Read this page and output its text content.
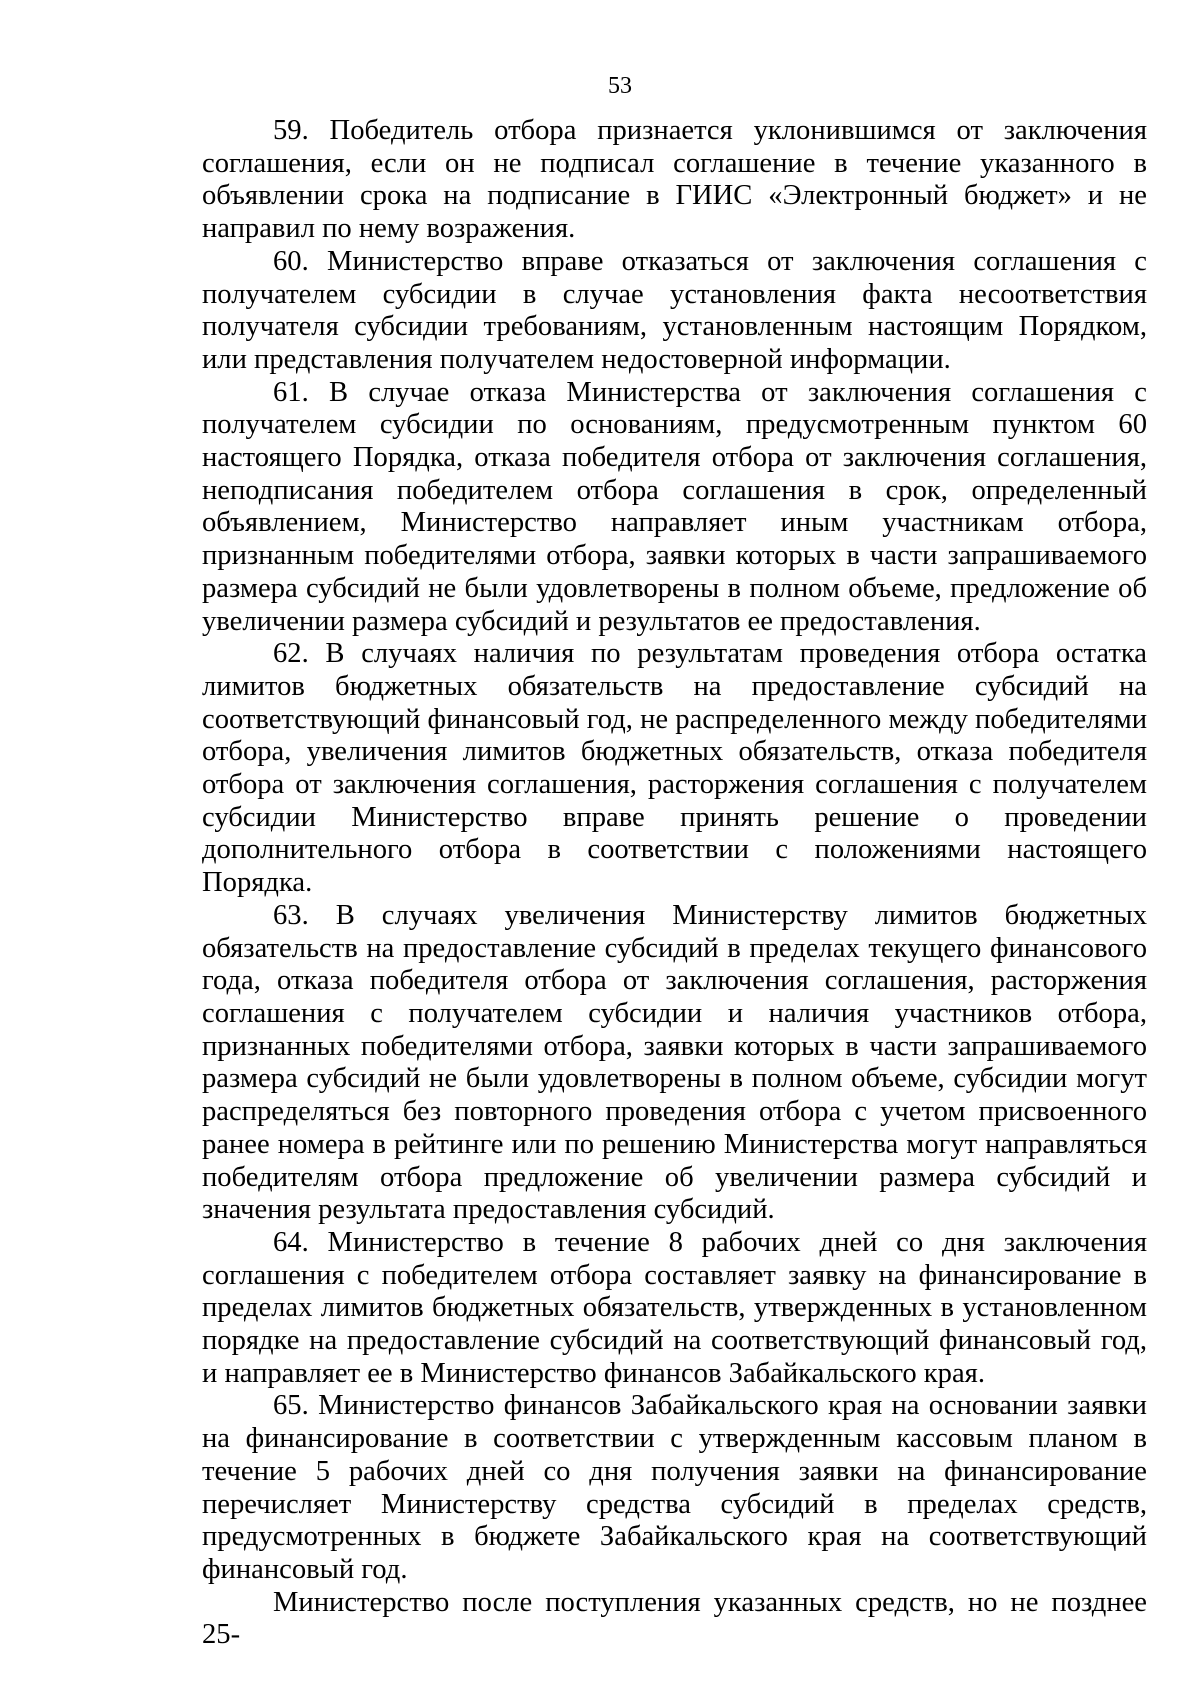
53

59. Победитель отбора признается уклонившимся от заключения соглашения, если он не подписал соглашение в течение указанного в объявлении срока на подписание в ГИИС «Электронный бюджет» и не направил по нему возражения.

60. Министерство вправе отказаться от заключения соглашения с получателем субсидии в случае установления факта несоответствия получателя субсидии требованиям, установленным настоящим Порядком, или представления получателем недостоверной информации.

61. В случае отказа Министерства от заключения соглашения с получателем субсидии по основаниям, предусмотренным пунктом 60 настоящего Порядка, отказа победителя отбора от заключения соглашения, неподписания победителем отбора соглашения в срок, определенный объявлением, Министерство направляет иным участникам отбора, признанным победителями отбора, заявки которых в части запрашиваемого размера субсидий не были удовлетворены в полном объеме, предложение об увеличении размера субсидий и результатов ее предоставления.

62. В случаях наличия по результатам проведения отбора остатка лимитов бюджетных обязательств на предоставление субсидий на соответствующий финансовый год, не распределенного между победителями отбора, увеличения лимитов бюджетных обязательств, отказа победителя отбора от заключения соглашения, расторжения соглашения с получателем субсидии Министерство вправе принять решение о проведении дополнительного отбора в соответствии с положениями настоящего Порядка.

63. В случаях увеличения Министерству лимитов бюджетных обязательств на предоставление субсидий в пределах текущего финансового года, отказа победителя отбора от заключения соглашения, расторжения соглашения с получателем субсидии и наличия участников отбора, признанных победителями отбора, заявки которых в части запрашиваемого размера субсидий не были удовлетворены в полном объеме, субсидии могут распределяться без повторного проведения отбора с учетом присвоенного ранее номера в рейтинге или по решению Министерства могут направляться победителям отбора предложение об увеличении размера субсидий и значения результата предоставления субсидий.

64. Министерство в течение 8 рабочих дней со дня заключения соглашения с победителем отбора составляет заявку на финансирование в пределах лимитов бюджетных обязательств, утвержденных в установленном порядке на предоставление субсидий на соответствующий финансовый год, и направляет ее в Министерство финансов Забайкальского края.

65. Министерство финансов Забайкальского края на основании заявки на финансирование в соответствии с утвержденным кассовым планом в течение 5 рабочих дней со дня получения заявки на финансирование перечисляет Министерству средства субсидий в пределах средств, предусмотренных в бюджете Забайкальского края на соответствующий финансовый год.

Министерство после поступления указанных средств, но не позднее 25-
